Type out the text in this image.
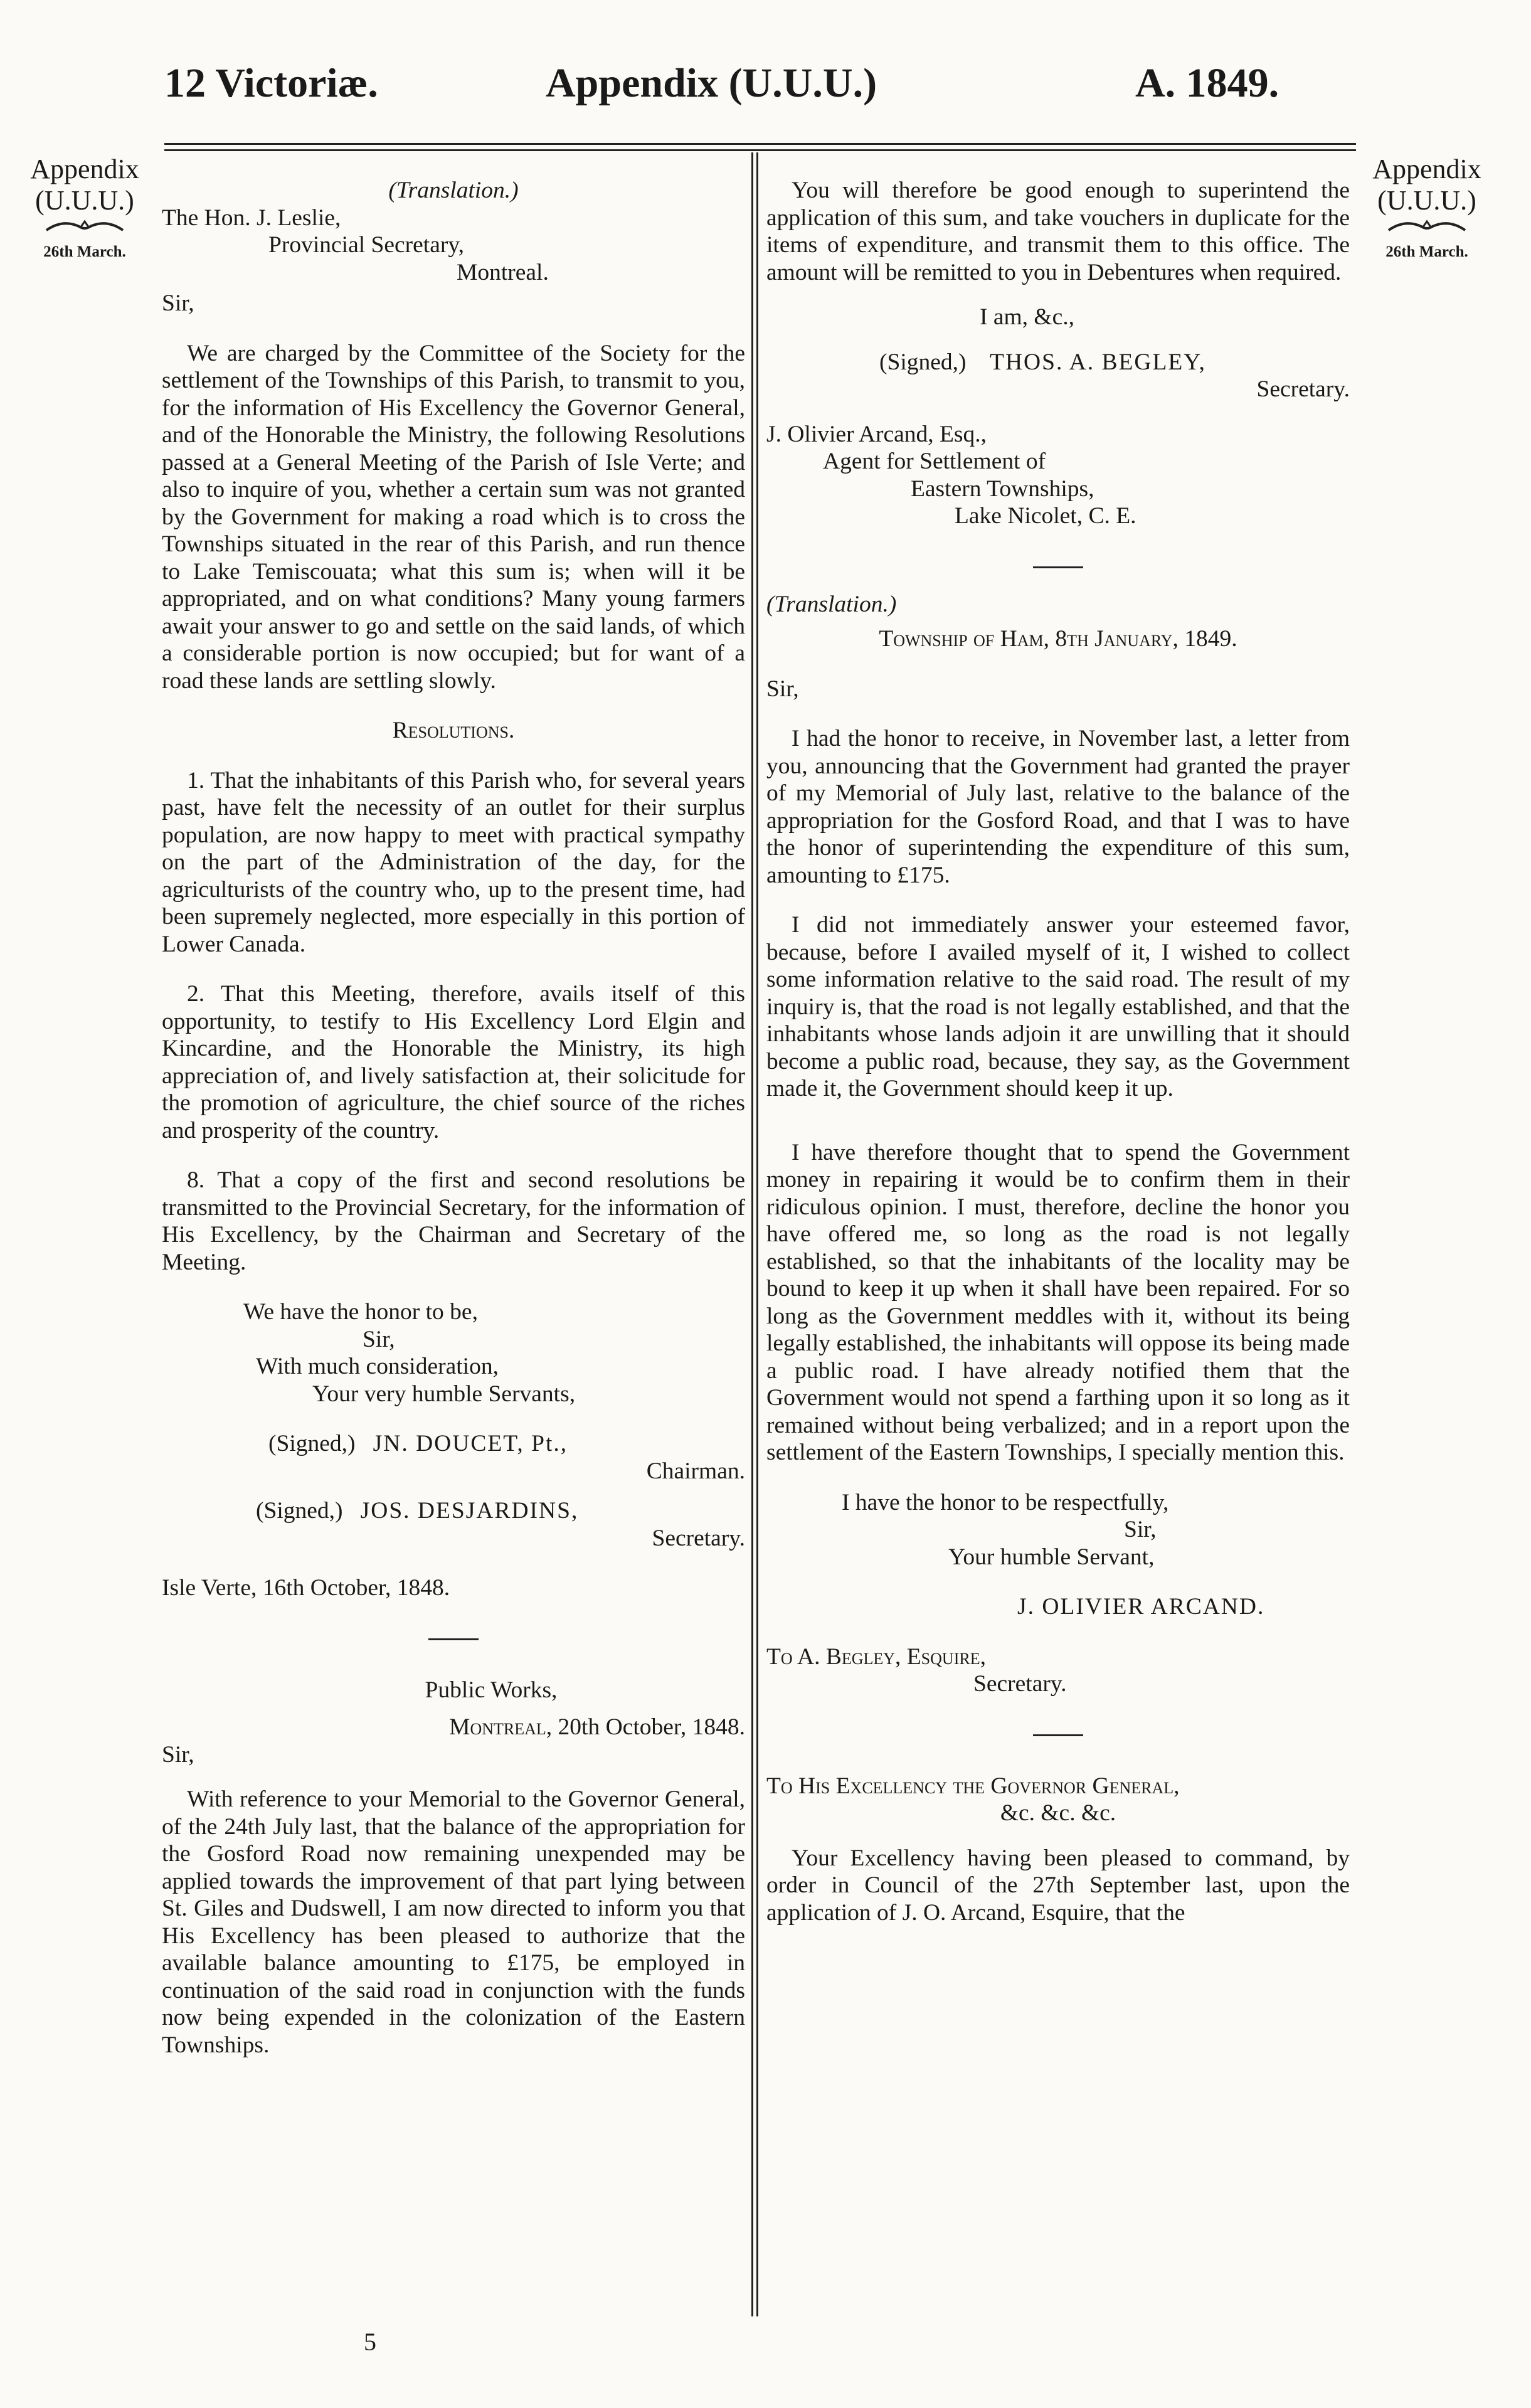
12 Victoriæ.	Appendix (U.U.U.)	A. 1849.
Appendix
(U.U.U.)
26th March.
Appendix
(U.U.U.)
26th March.

(Translation.)

The Hon. J. Leslie,

Provincial Secretary,

Montreal.

Sir,

We are charged by the Committee of the Society for the settlement of the Townships of this Parish, to transmit to you, for the information of His Excellency the Governor General, and of the Honorable the Ministry, the following Resolutions passed at a General Meeting of the Parish of Isle Verte; and also to inquire of you, whether a certain sum was not granted by the Government for making a road which is to cross the Townships situated in the rear of this Parish, and run thence to Lake Temiscouata; what this sum is; when will it be appropriated, and on what conditions? Many young farmers await your answer to go and settle on the said lands, of which a considerable portion is now occupied; but for want of a road these lands are settling slowly.

Resolutions.

1. That the inhabitants of this Parish who, for several years past, have felt the necessity of an outlet for their surplus population, are now happy to meet with practical sympathy on the part of the Administration of the day, for the agriculturists of the country who, up to the present time, had been supremely neglected, more especially in this portion of Lower Canada.

2. That this Meeting, therefore, avails itself of this opportunity, to testify to His Excellency Lord Elgin and Kincardine, and the Honorable the Ministry, its high appreciation of, and lively satisfaction at, their solicitude for the promotion of agriculture, the chief source of the riches and prosperity of the country.

8. That a copy of the first and second resolutions be transmitted to the Provincial Secretary, for the information of His Excellency, by the Chairman and Secretary of the Meeting.

We have the honor to be,

Sir,

With much consideration,

Your very humble Servants,

(Signed,) JN. DOUCET, Pt.,

Chairman.

(Signed,) JOS. DESJARDINS,

Secretary.

Isle Verte, 16th October, 1848.

Public Works,

Montreal, 20th October, 1848.

Sir,

With reference to your Memorial to the Governor General, of the 24th July last, that the balance of the appropriation for the Gosford Road now remaining unexpended may be applied towards the improvement of that part lying between St. Giles and Dudswell, I am now directed to inform you that His Excellency has been pleased to authorize that the available balance amounting to £175, be employed in continuation of the said road in conjunction with the funds now being expended in the colonization of the Eastern Townships.

You will therefore be good enough to superintend the application of this sum, and take vouchers in duplicate for the items of expenditure, and transmit them to this office. The amount will be remitted to you in Debentures when required.

I am, &c.,

(Signed,) THOS. A. BEGLEY,

Secretary.

J. Olivier Arcand, Esq.,

Agent for Settlement of

Eastern Townships,

Lake Nicolet, C. E.

(Translation.)

Township of Ham, 8th January, 1849.

Sir,

I had the honor to receive, in November last, a letter from you, announcing that the Government had granted the prayer of my Memorial of July last, relative to the balance of the appropriation for the Gosford Road, and that I was to have the honor of superintending the expenditure of this sum, amounting to £175.

I did not immediately answer your esteemed favor, because, before I availed myself of it, I wished to collect some information relative to the said road. The result of my inquiry is, that the road is not legally established, and that the inhabitants whose lands adjoin it are unwilling that it should become a public road, because, they say, as the Government made it, the Government should keep it up.

I have therefore thought that to spend the Government money in repairing it would be to confirm them in their ridiculous opinion. I must, therefore, decline the honor you have offered me, so long as the road is not legally established, so that the inhabitants of the locality may be bound to keep it up when it shall have been repaired. For so long as the Government meddles with it, without its being legally established, the inhabitants will oppose its being made a public road. I have already notified them that the Government would not spend a farthing upon it so long as it remained without being verbalized; and in a report upon the settlement of the Eastern Townships, I specially mention this.

I have the honor to be respectfully,

Sir,

Your humble Servant,

J. OLIVIER ARCAND.

To A. Begley, Esquire,

Secretary.

To His Excellency the Governor General,

&c. &c. &c.

Your Excellency having been pleased to command, by order in Council of the 27th September last, upon the application of J. O. Arcand, Esquire, that the

5
